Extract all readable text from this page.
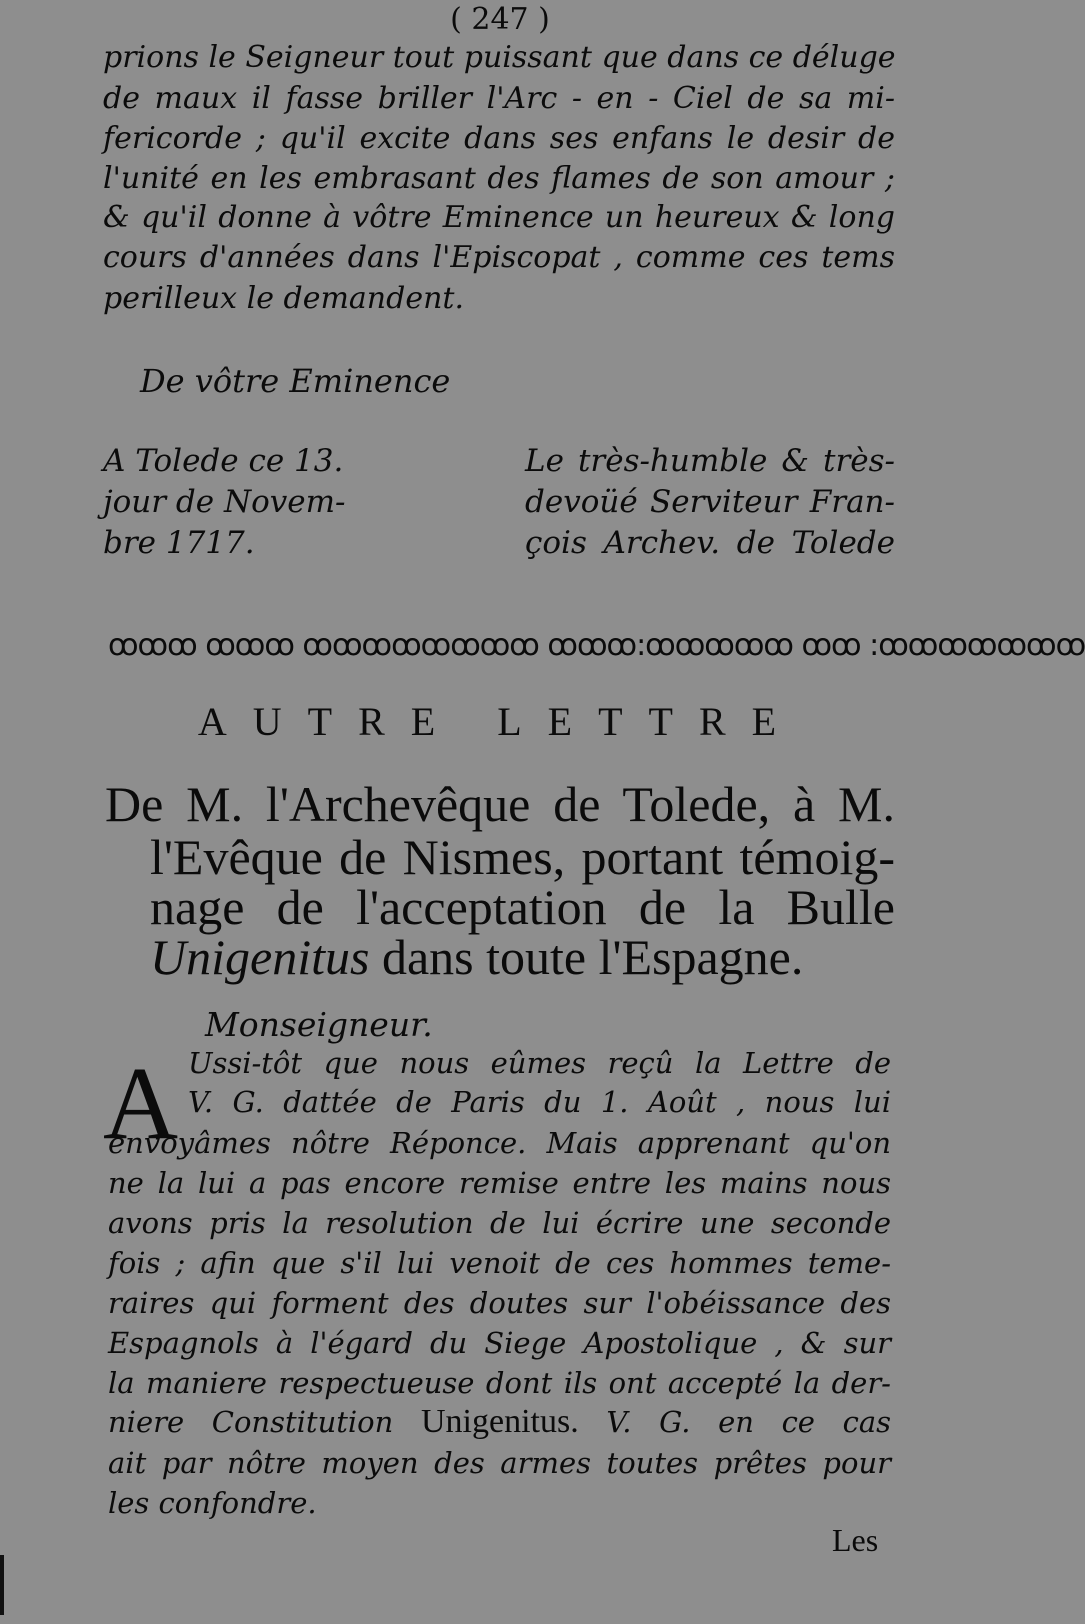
( 247 )
prions le Seigneur tout puissant que dans ce déluge
de maux il fasse briller l'Arc - en - Ciel de sa mi-
fericorde ; qu'il excite dans ses enfans le desir de
l'unité en les embrasant des flames de son amour ;
& qu'il donne à vôtre Eminence un heureux & long
cours d'années dans l'Episcopat , comme ces tems
perilleux le demandent.
De vôtre Eminence
A Tolede ce 13.
jour de Novem-
bre 1717.
Le très-humble & très-
devoüé Serviteur Fran-
çois Archev. de Tolede
ꝏꝏꝏ ꝏꝏꝏ ꝏꝏꝏꝏꝏꝏꝏꝏ ꝏꝏꝏ:ꝏꝏꝏꝏꝏ ꝏꝏ :ꝏꝏꝏꝏꝏꝏꝏ
AUTRE LETTRE
De M. l'Archevêque de Tolede, à M.
l'Evêque de Nismes, portant témoig-
nage de l'acceptation de la Bulle
Unigenitus dans toute l'Espagne.
Monseigneur.
A Ussi-tôt que nous eûmes reçû la Lettre de
V. G. dattée de Paris du 1. Août , nous lui
envoyâmes nôtre Réponce. Mais apprenant qu'on
ne la lui a pas encore remise entre les mains nous
avons pris la resolution de lui écrire une seconde
fois ; afin que s'il lui venoit de ces hommes teme-
raires qui forment des doutes sur l'obéissance des
Espagnols à l'égard du Siege Apostolique , & sur
la maniere respectueuse dont ils ont accepté la der-
niere Constitution Unigenitus. V. G. en ce cas
ait par nôtre moyen des armes toutes prêtes pour
les confondre.
Les
